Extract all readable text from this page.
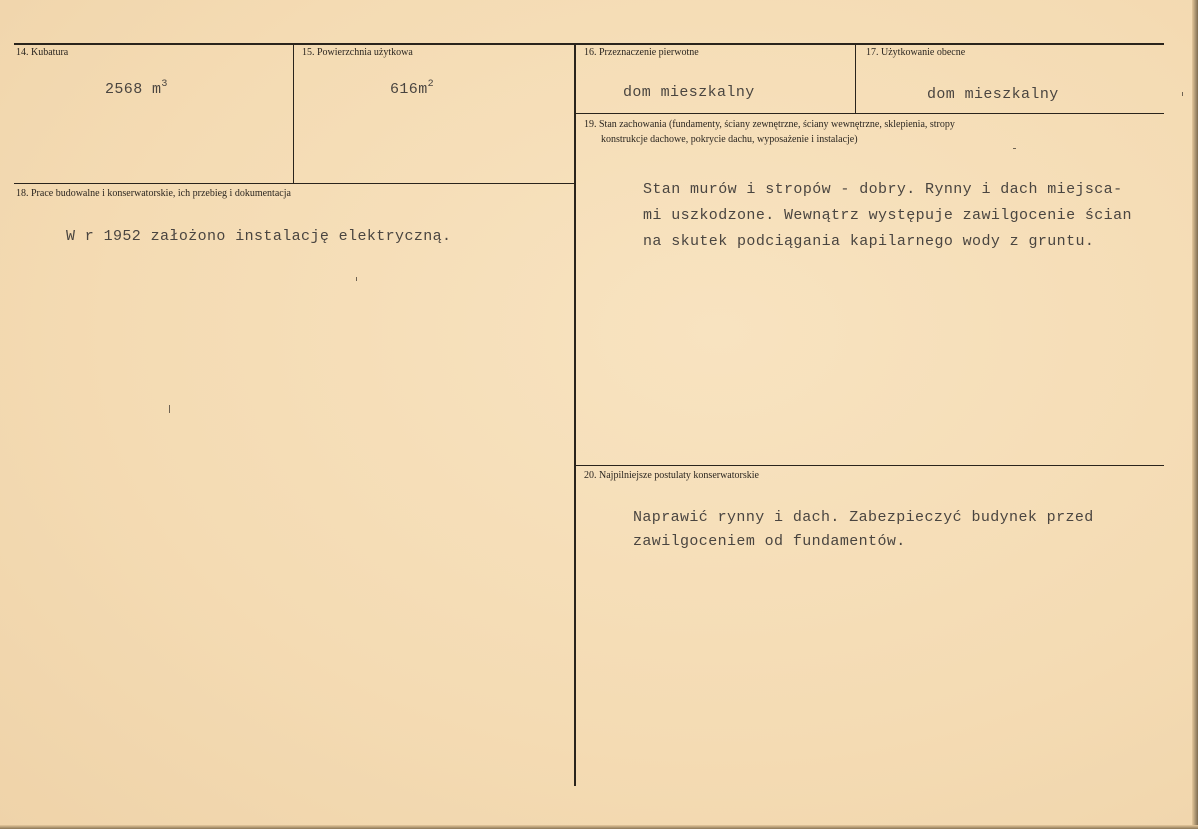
14. Kubatura
2568 $m^3$
15. Powierzchnia użytkowa
$616m^2$
16. Przeznaczenie pierwotne
dom mieszkalny
17. Użytkowanie obecne
dom mieszkalny
18. Prace budowalne i konserwatorskie, ich przebieg i dokumentacja
W r 1952 założono instalację elektryczną.
19. Stan zachowania (fundamenty, ściany zewnętrzne, ściany wewnętrzne, sklepienia, stropy
konstrukcje dachowe, pokrycie dachu, wyposażenie i instalacje)
Stan murów i stropów - dobry. Rynny i dach miejsca-
mi uszkodzone. Wewnątrz występuje zawilgocenie ścian
na skutek podciągania kapilarnego wody z gruntu.
20. Najpilniejsze postulaty konserwatorskie
Naprawić rynny i dach. Zabezpieczyć budynek przed
zawilgoceniem od fundamentów.
